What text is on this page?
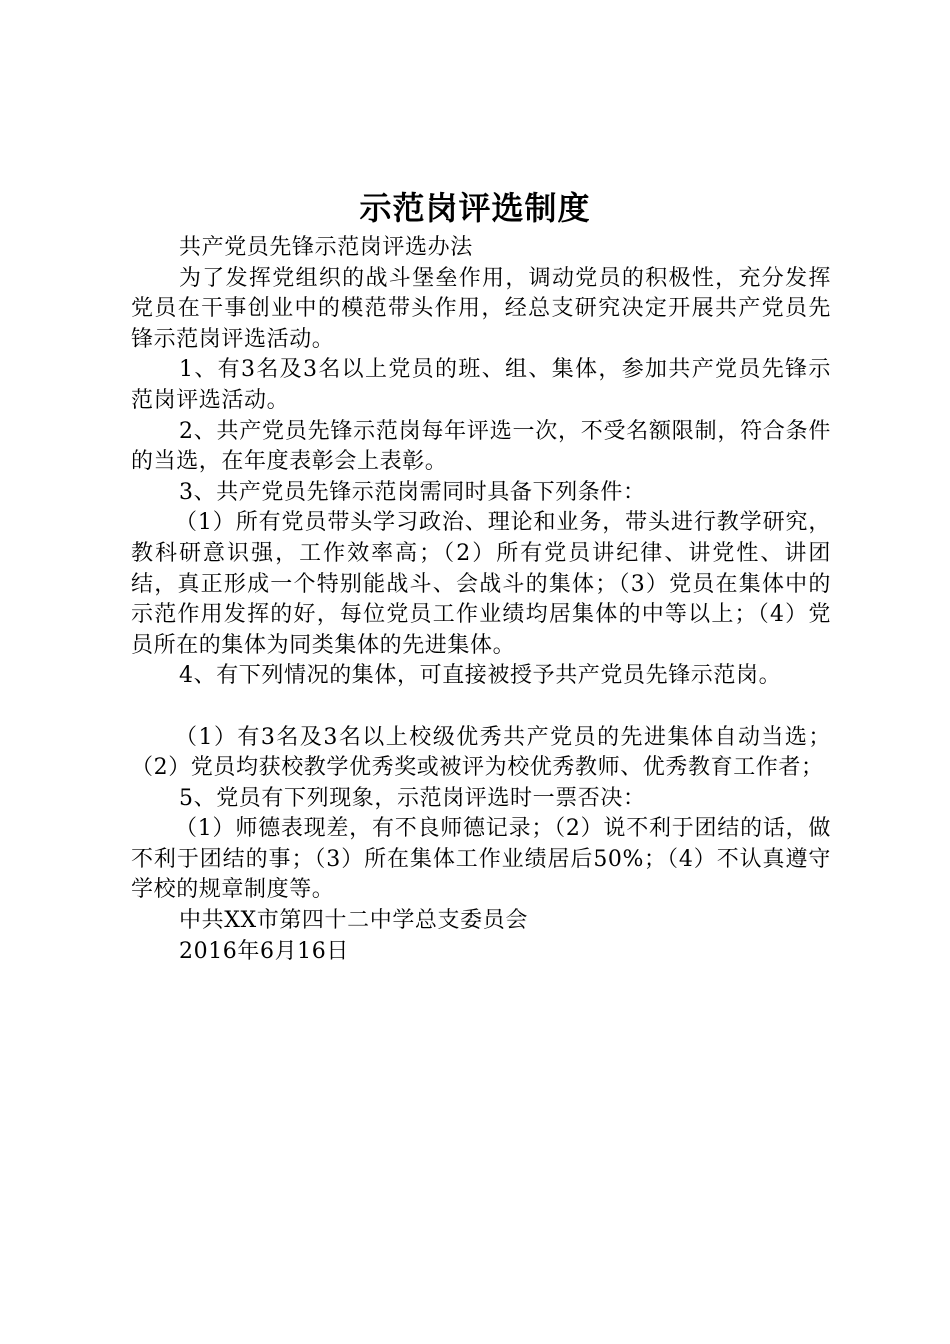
示范岗评选制度

共产党员先锋示范岗评选办法

为了发挥党组织的战斗堡垒作用，调动党员的积极性，充分发挥党员在干事创业中的模范带头作用，经总支研究决定开展共产党员先锋示范岗评选活动。

1、有3名及3名以上党员的班、组、集体，参加共产党员先锋示范岗评选活动。

2、共产党员先锋示范岗每年评选一次，不受名额限制，符合条件的当选，在年度表彰会上表彰。

3、共产党员先锋示范岗需同时具备下列条件：

（1）所有党员带头学习政治、理论和业务，带头进行教学研究，教科研意识强，工作效率高；（2）所有党员讲纪律、讲党性、讲团结，真正形成一个特别能战斗、会战斗的集体；（3）党员在集体中的示范作用发挥的好，每位党员工作业绩均居集体的中等以上；（4）党员所在的集体为同类集体的先进集体。

4、有下列情况的集体，可直接被授予共产党员先锋示范岗。

（1）有3名及3名以上校级优秀共产党员的先进集体自动当选；（2）党员均获校教学优秀奖或被评为校优秀教师、优秀教育工作者；

5、党员有下列现象，示范岗评选时一票否决：

（1）师德表现差，有不良师德记录；（2）说不利于团结的话，做不利于团结的事；（3）所在集体工作业绩居后50%；（4）不认真遵守学校的规章制度等。

中共XX市第四十二中学总支委员会

2016年6月16日
